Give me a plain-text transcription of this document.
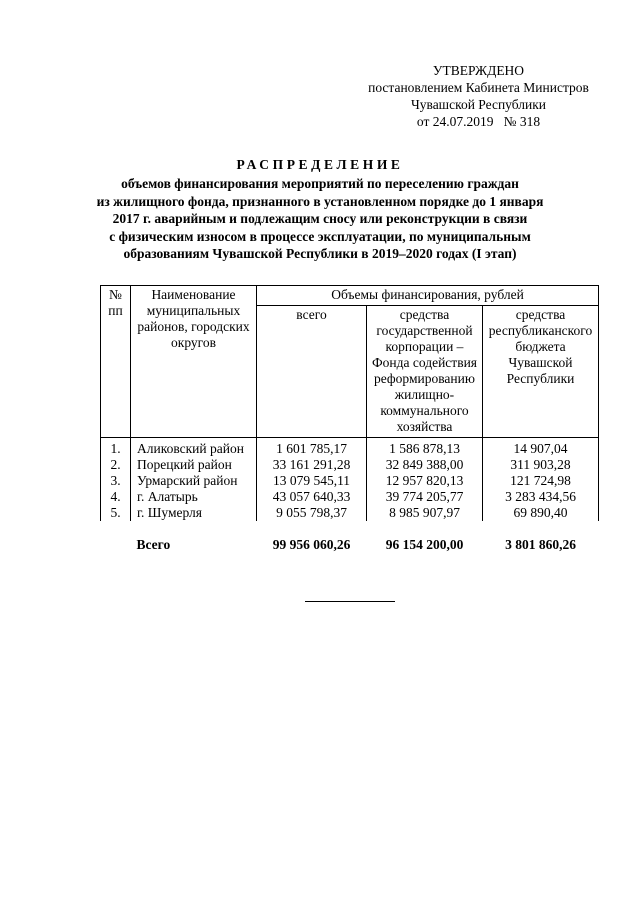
УТВЕРЖДЕНО
постановлением Кабинета Министров
Чувашской Республики
от 24.07.2019   № 318
РАСПРЕДЕЛЕНИЕ
объемов финансирования мероприятий по переселению граждан
из жилищного фонда, признанного в установленном порядке до 1 января
2017 г. аварийным и подлежащим сносу или реконструкции в связи
с физическим износом в процессе эксплуатации, по муниципальным
образованиям Чувашской Республики в 2019–2020 годах (I этап)
№ пп	Наименование муниципальных районов, городских округов	Объемы финансирования, рублей		
		всего	средства государственной корпорации – Фонда содействия реформированию жилищно-коммунального хозяйства	средства республиканского бюджета Чувашской Республики
1.	Аликовский район	1 601 785,17	1 586 878,13	14 907,04
2.	Порецкий район	33 161 291,28	32 849 388,00	311 903,28
3.	Урмарский район	13 079 545,11	12 957 820,13	121 724,98
4.	г. Алатырь	43 057 640,33	39 774 205,77	3 283 434,56
5.	г. Шумерля	9 055 798,37	8 985 907,97	69 890,40

	Всего	99 956 060,26	96 154 200,00	3 801 860,26
